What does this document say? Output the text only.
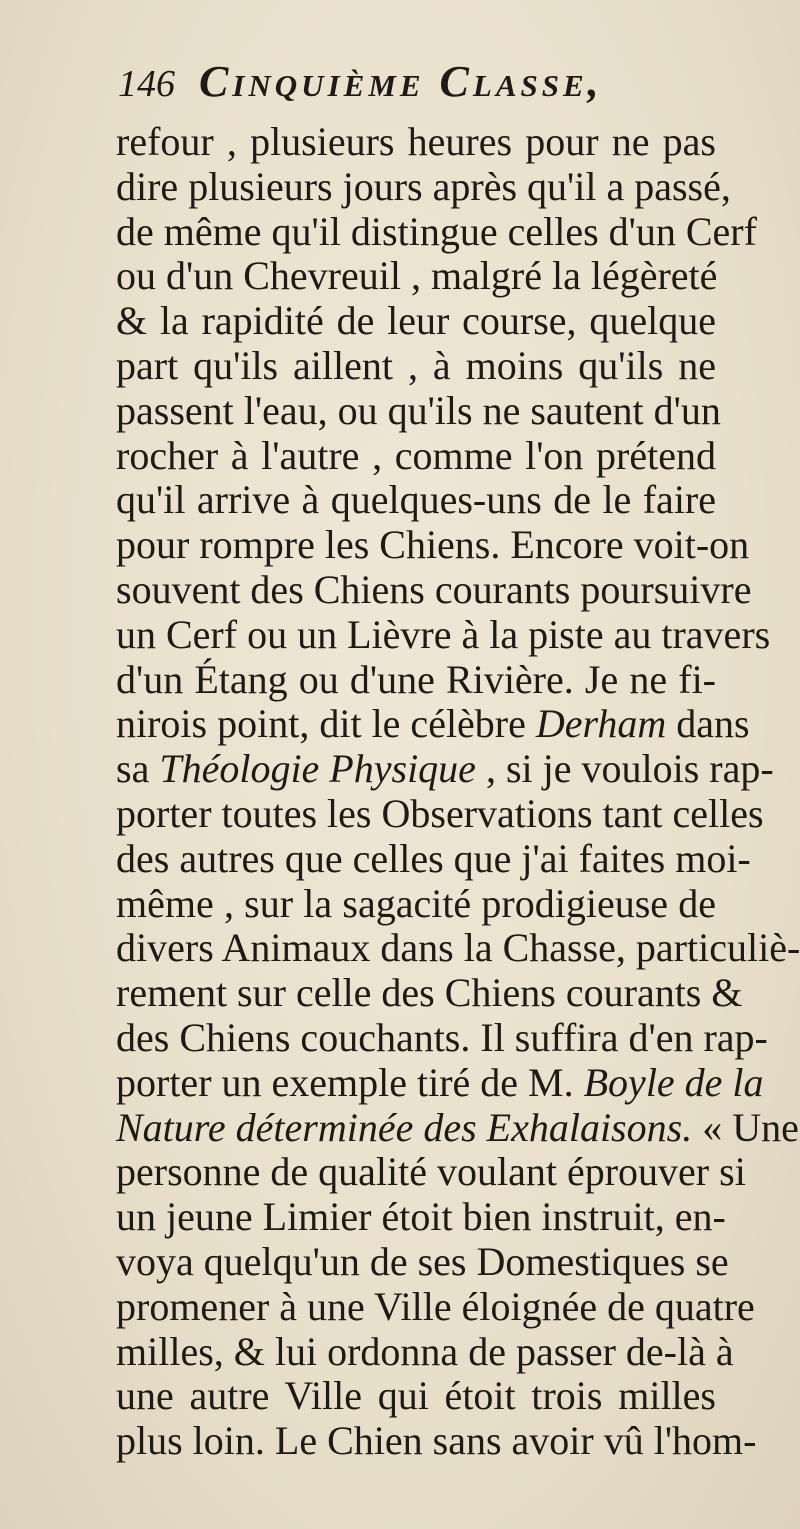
146 Cinquième Classe,
refour , plusieurs heures pour ne pas
dire plusieurs jours après qu'il a passé,
de même qu'il distingue celles d'un Cerf
ou d'un Chevreuil , malgré la légèreté
& la rapidité de leur course, quelque
part qu'ils aillent , à moins qu'ils ne
passent l'eau, ou qu'ils ne sautent d'un
rocher à l'autre , comme l'on prétend
qu'il arrive à quelques-uns de le faire
pour rompre les Chiens. Encore voit-on
souvent des Chiens courants poursuivre
un Cerf ou un Lièvre à la piste au travers
d'un Étang ou d'une Rivière. Je ne fi-
nirois point, dit le célèbre Derham dans
sa Théologie Physique , si je voulois rap-
porter toutes les Observations tant celles
des autres que celles que j'ai faites moi-
même , sur la sagacité prodigieuse de
divers Animaux dans la Chasse, particuliè-
rement sur celle des Chiens courants &
des Chiens couchants. Il suffira d'en rap-
porter un exemple tiré de M. Boyle de la
Nature déterminée des Exhalaisons. « Une
personne de qualité voulant éprouver si
un jeune Limier étoit bien instruit, en-
voya quelqu'un de ses Domestiques se
promener à une Ville éloignée de quatre
milles, & lui ordonna de passer de-là à
une autre Ville qui étoit trois milles
plus loin. Le Chien sans avoir vû l'hom-
